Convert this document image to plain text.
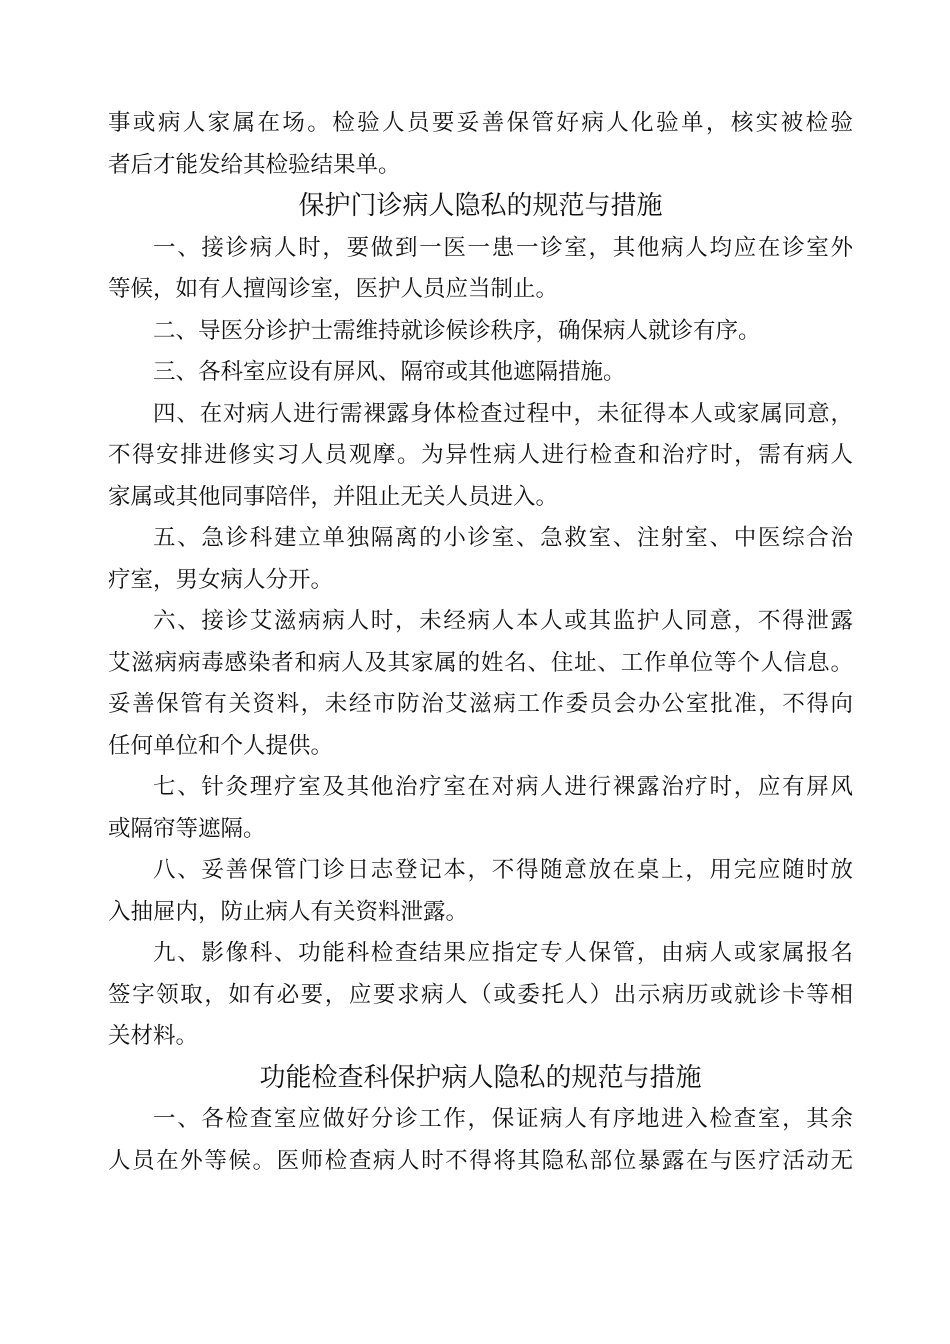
事或病人家属在场。检验人员要妥善保管好病人化验单，核实被检验
者后才能发给其检验结果单。
保护门诊病人隐私的规范与措施
一、接诊病人时，要做到一医一患一诊室，其他病人均应在诊室外
等候，如有人擅闯诊室，医护人员应当制止。
二、导医分诊护士需维持就诊候诊秩序，确保病人就诊有序。
三、各科室应设有屏风、隔帘或其他遮隔措施。
四、在对病人进行需裸露身体检查过程中，未征得本人或家属同意，
不得安排进修实习人员观摩。为异性病人进行检查和治疗时，需有病人
家属或其他同事陪伴，并阻止无关人员进入。
五、急诊科建立单独隔离的小诊室、急救室、注射室、中医综合治
疗室，男女病人分开。
六、接诊艾滋病病人时，未经病人本人或其监护人同意，不得泄露
艾滋病病毒感染者和病人及其家属的姓名、住址、工作单位等个人信息。
妥善保管有关资料，未经市防治艾滋病工作委员会办公室批准，不得向
任何单位和个人提供。
七、针灸理疗室及其他治疗室在对病人进行裸露治疗时，应有屏风
或隔帘等遮隔。
八、妥善保管门诊日志登记本，不得随意放在桌上，用完应随时放
入抽屉内，防止病人有关资料泄露。
九、影像科、功能科检查结果应指定专人保管，由病人或家属报名
签字领取，如有必要，应要求病人（或委托人）出示病历或就诊卡等相
关材料。
功能检查科保护病人隐私的规范与措施
一、各检查室应做好分诊工作，保证病人有序地进入检查室，其余
人员在外等候。医师检查病人时不得将其隐私部位暴露在与医疗活动无
